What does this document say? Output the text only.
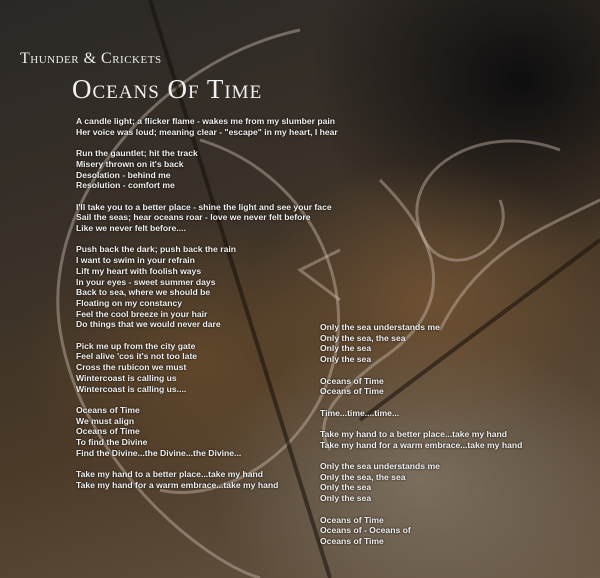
Thunder & Crickets
Oceans Of Time
A candle light; a flicker flame - wakes me from my slumber pain
Her voice was loud; meaning clear - "escape" in my heart, I hear
Run the gauntlet; hit the track
Misery thrown on it's back
Desolation - behind me
Resolution - comfort me
I'll take you to a better place - shine the light and see your face
Sail the seas; hear oceans roar - love we never felt before
Like we never felt before....
Push back the dark; push back the rain
I want to swim in your refrain
Lift my heart with foolish ways
In your eyes - sweet summer days
Back to sea, where we should be
Floating on my constancy
Feel the cool breeze in your hair
Do things that we would never dare
Pick me up from the city gate
Feel alive 'cos it's not too late
Cross the rubicon we must
Wintercoast is calling us
Wintercoast is calling us....
Oceans of Time
We must align
Oceans of Time
To find the Divine
Find the Divine...the Divine...the Divine...
Take my hand to a better place...take my hand
Take my hand for a warm embrace...take my hand
Only the sea understands me
Only the sea, the sea
Only the sea
Only the sea
Oceans of Time
Oceans of Time
Time...time....time...
Take my hand to a better place...take my hand
Take my hand for a warm embrace...take my hand
Only the sea understands me
Only the sea, the sea
Only the sea
Only the sea
Oceans of Time
Oceans of - Oceans of
Oceans of Time
